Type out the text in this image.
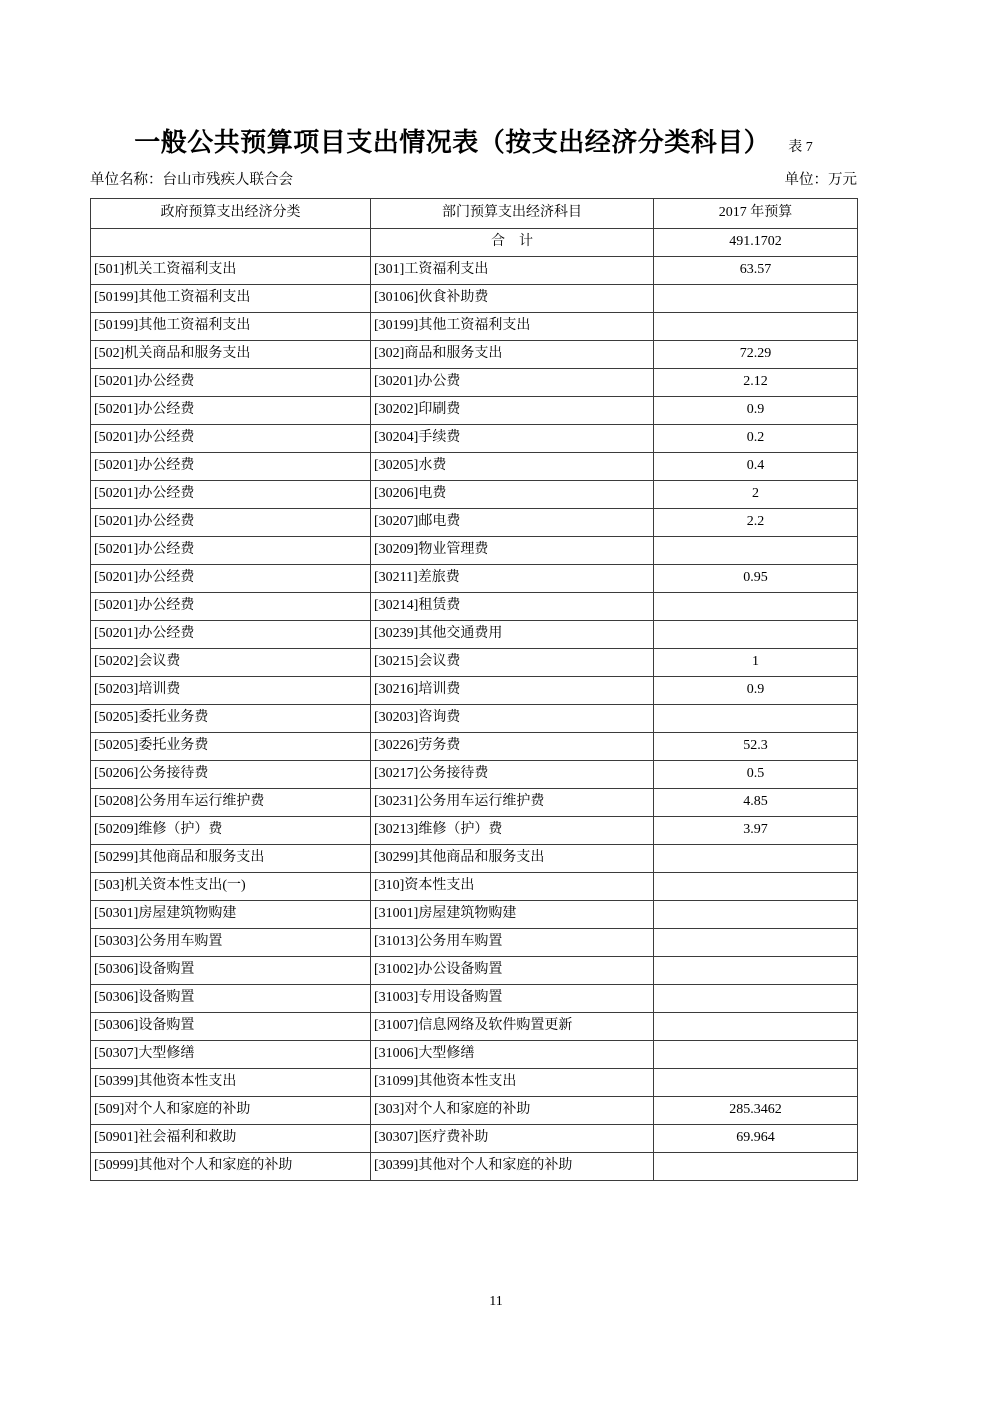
一般公共预算项目支出情况表（按支出经济分类科目） 表 7
单位名称：台山市残疾人联合会	单位：万元
政府预算支出经济分类	部门预算支出经济科目	2017 年预算
	合　计	491.1702
[501]机关工资福利支出	[301]工资福利支出	63.57
[50199]其他工资福利支出	[30106]伙食补助费	
[50199]其他工资福利支出	[30199]其他工资福利支出	
[502]机关商品和服务支出	[302]商品和服务支出	72.29
[50201]办公经费	[30201]办公费	2.12
[50201]办公经费	[30202]印刷费	0.9
[50201]办公经费	[30204]手续费	0.2
[50201]办公经费	[30205]水费	0.4
[50201]办公经费	[30206]电费	2
[50201]办公经费	[30207]邮电费	2.2
[50201]办公经费	[30209]物业管理费	
[50201]办公经费	[30211]差旅费	0.95
[50201]办公经费	[30214]租赁费	
[50201]办公经费	[30239]其他交通费用	
[50202]会议费	[30215]会议费	1
[50203]培训费	[30216]培训费	0.9
[50205]委托业务费	[30203]咨询费	
[50205]委托业务费	[30226]劳务费	52.3
[50206]公务接待费	[30217]公务接待费	0.5
[50208]公务用车运行维护费	[30231]公务用车运行维护费	4.85
[50209]维修（护）费	[30213]维修（护）费	3.97
[50299]其他商品和服务支出	[30299]其他商品和服务支出	
[503]机关资本性支出(一)	[310]资本性支出	
[50301]房屋建筑物购建	[31001]房屋建筑物购建	
[50303]公务用车购置	[31013]公务用车购置	
[50306]设备购置	[31002]办公设备购置	
[50306]设备购置	[31003]专用设备购置	
[50306]设备购置	[31007]信息网络及软件购置更新	
[50307]大型修缮	[31006]大型修缮	
[50399]其他资本性支出	[31099]其他资本性支出	
[509]对个人和家庭的补助	[303]对个人和家庭的补助	285.3462
[50901]社会福利和救助	[30307]医疗费补助	69.964
[50999]其他对个人和家庭的补助	[30399]其他对个人和家庭的补助	
11
